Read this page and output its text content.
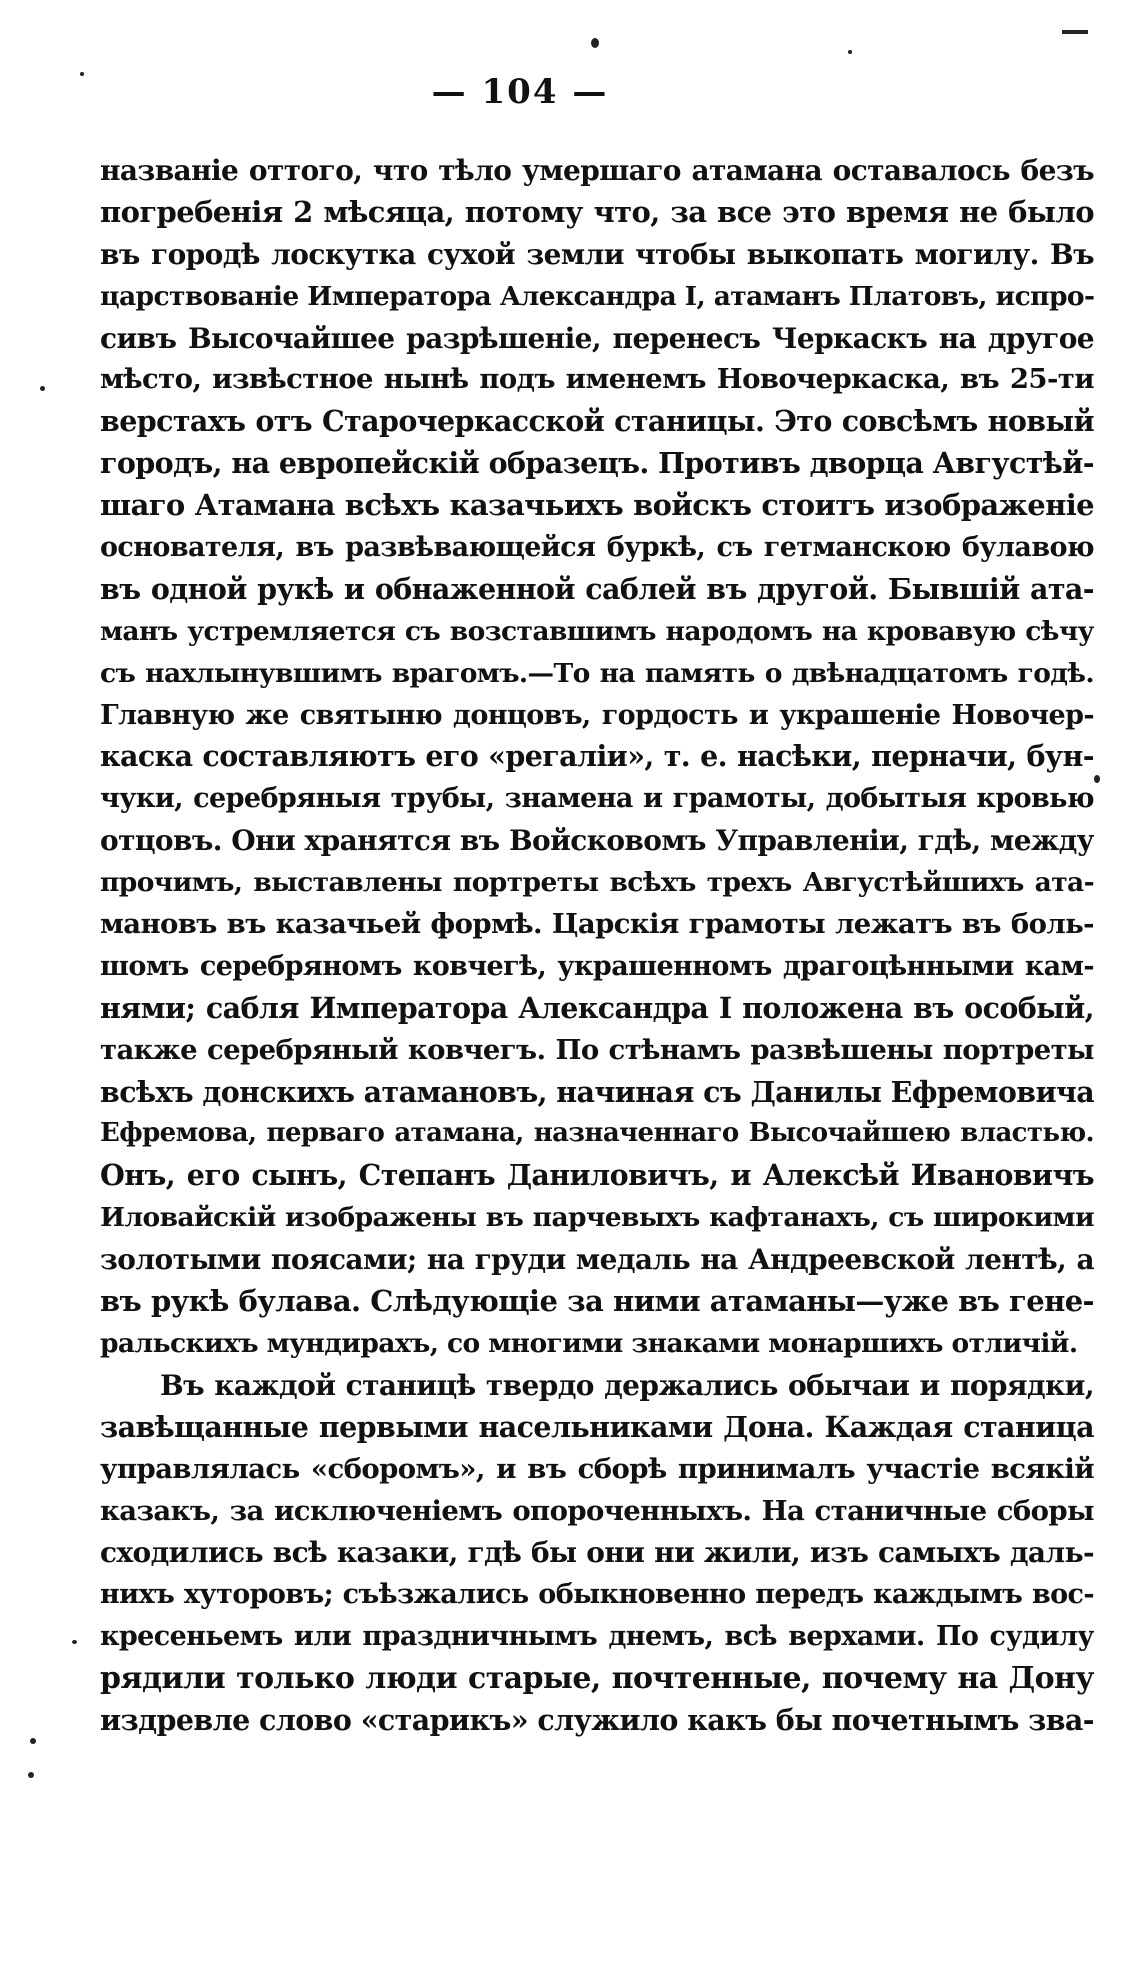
— 104 —
названіе оттого, что тѣло умершаго атамана оставалось безъ
погребенія 2 мѣсяца, потому что, за все это время не было
въ городѣ лоскутка сухой земли чтобы выкопать могилу. Въ
царствованіе Императора Александра I, атаманъ Платовъ, испро-
сивъ Высочайшее разрѣшеніе, перенесъ Черкаскъ на другое
мѣсто, извѣстное нынѣ подъ именемъ Новочеркаска, въ 25-ти
верстахъ отъ Старочеркасской станицы. Это совсѣмъ новый
городъ, на европейскій образецъ. Противъ дворца Августѣй-
шаго Атамана всѣхъ казачьихъ войскъ стоитъ изображеніе
основателя, въ развѣвающейся буркѣ, съ гетманскою булавою
въ одной рукѣ и обнаженной саблей въ другой. Бывшій ата-
манъ устремляется съ возставшимъ народомъ на кровавую сѣчу
съ нахлынувшимъ врагомъ.—То на память о двѣнадцатомъ годѣ.
Главную же святыню донцовъ, гордость и украшеніе Новочер-
каска составляютъ его «регаліи», т. е. насѣки, перначи, бун-
чуки, серебряныя трубы, знамена и грамоты, добытыя кровью
отцовъ. Они хранятся въ Войсковомъ Управленіи, гдѣ, между
прочимъ, выставлены портреты всѣхъ трехъ Августѣйшихъ ата-
мановъ въ казачьей формѣ. Царскія грамоты лежатъ въ боль-
шомъ серебряномъ ковчегѣ, украшенномъ драгоцѣнными кам-
нями; сабля Императора Александра I положена въ особый,
также серебряный ковчегъ. По стѣнамъ развѣшены портреты
всѣхъ донскихъ атамановъ, начиная съ Данилы Ефремовича
Ефремова, перваго атамана, назначеннаго Высочайшею властью.
Онъ, его сынъ, Степанъ Даниловичъ, и Алексѣй Ивановичъ
Иловайскій изображены въ парчевыхъ кафтанахъ, съ широкими
золотыми поясами; на груди медаль на Андреевской лентѣ, а
въ рукѣ булава. Слѣдующіе за ними атаманы—уже въ гене-
ральскихъ мундирахъ, со многими знаками монаршихъ отличій.
Въ каждой станицѣ твердо держались обычаи и порядки,
завѣщанные первыми насельниками Дона. Каждая станица
управлялась «сборомъ», и въ сборѣ принималъ участіе всякій
казакъ, за исключеніемъ опороченныхъ. На станичные сборы
сходились всѣ казаки, гдѣ бы они ни жили, изъ самыхъ даль-
нихъ хуторовъ; съѣзжались обыкновенно передъ каждымъ вос-
кресеньемъ или праздничнымъ днемъ, всѣ верхами. По судилу
рядили только люди старые, почтенные, почему на Дону
издревле слово «старикъ» служило какъ бы почетнымъ зва-
